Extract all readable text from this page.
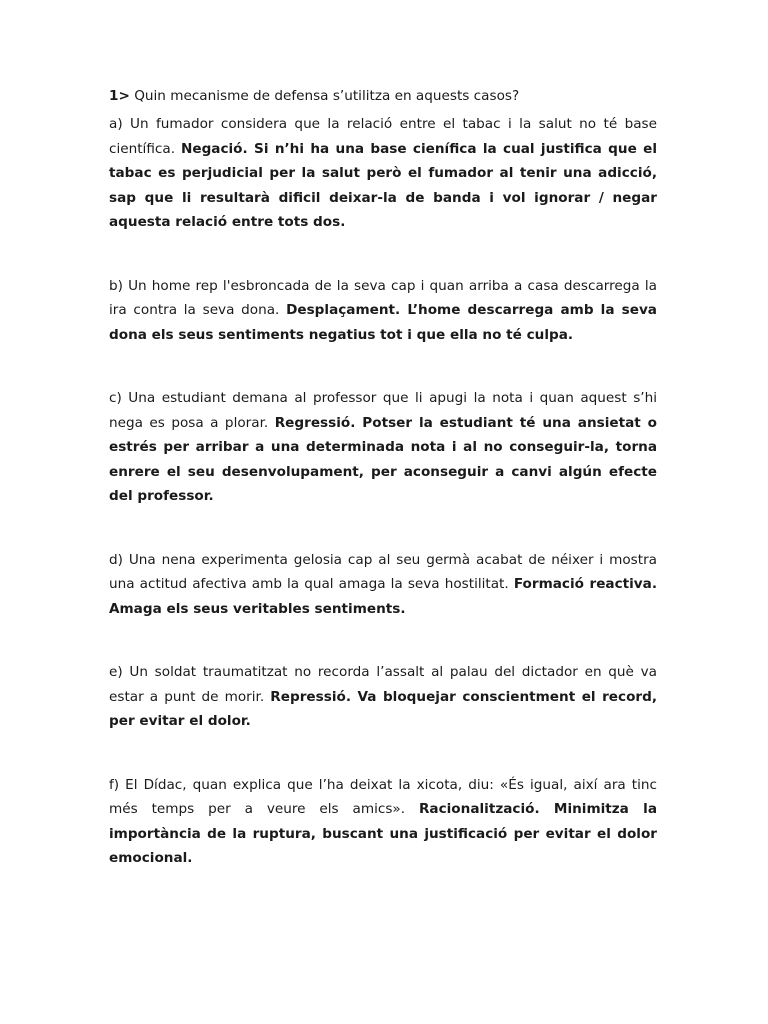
1> Quin mecanisme de defensa s’utilitza en aquests casos?

a) Un fumador considera que la relació entre el tabac i la salut no té base científica. Negació. Si n’hi ha una base cienífica la cual justifica que el tabac es perjudicial per la salut però el fumador al tenir una adicció, sap que li resultarà dificil deixar-la de banda i vol ignorar / negar aquesta relació entre tots dos.

b) Un home rep l'esbroncada de la seva cap i quan arriba a casa descarrega la ira contra la seva dona. Desplaçament. L’home descarrega amb la seva dona els seus sentiments negatius tot i que ella no té culpa.

c) Una estudiant demana al professor que li apugi la nota i quan aquest s’hi nega es posa a plorar. Regressió. Potser la estudiant té una ansietat o estrés per arribar a una determinada nota i al no conseguir-la, torna enrere el seu desenvolupament, per aconseguir a canvi algún efecte del professor.

d) Una nena experimenta gelosia cap al seu germà acabat de néixer i mostra una actitud afectiva amb la qual amaga la seva hostilitat. Formació reactiva. Amaga els seus veritables sentiments.

e) Un soldat traumatitzat no recorda l’assalt al palau del dictador en què va estar a punt de morir. Repressió. Va bloquejar conscientment el record, per evitar el dolor.

f) El Dídac, quan explica que l’ha deixat la xicota, diu: «És igual, així ara tinc més temps per a veure els amics». Racionalització. Minimitza la importància de la ruptura, buscant una justificació per evitar el dolor emocional.
